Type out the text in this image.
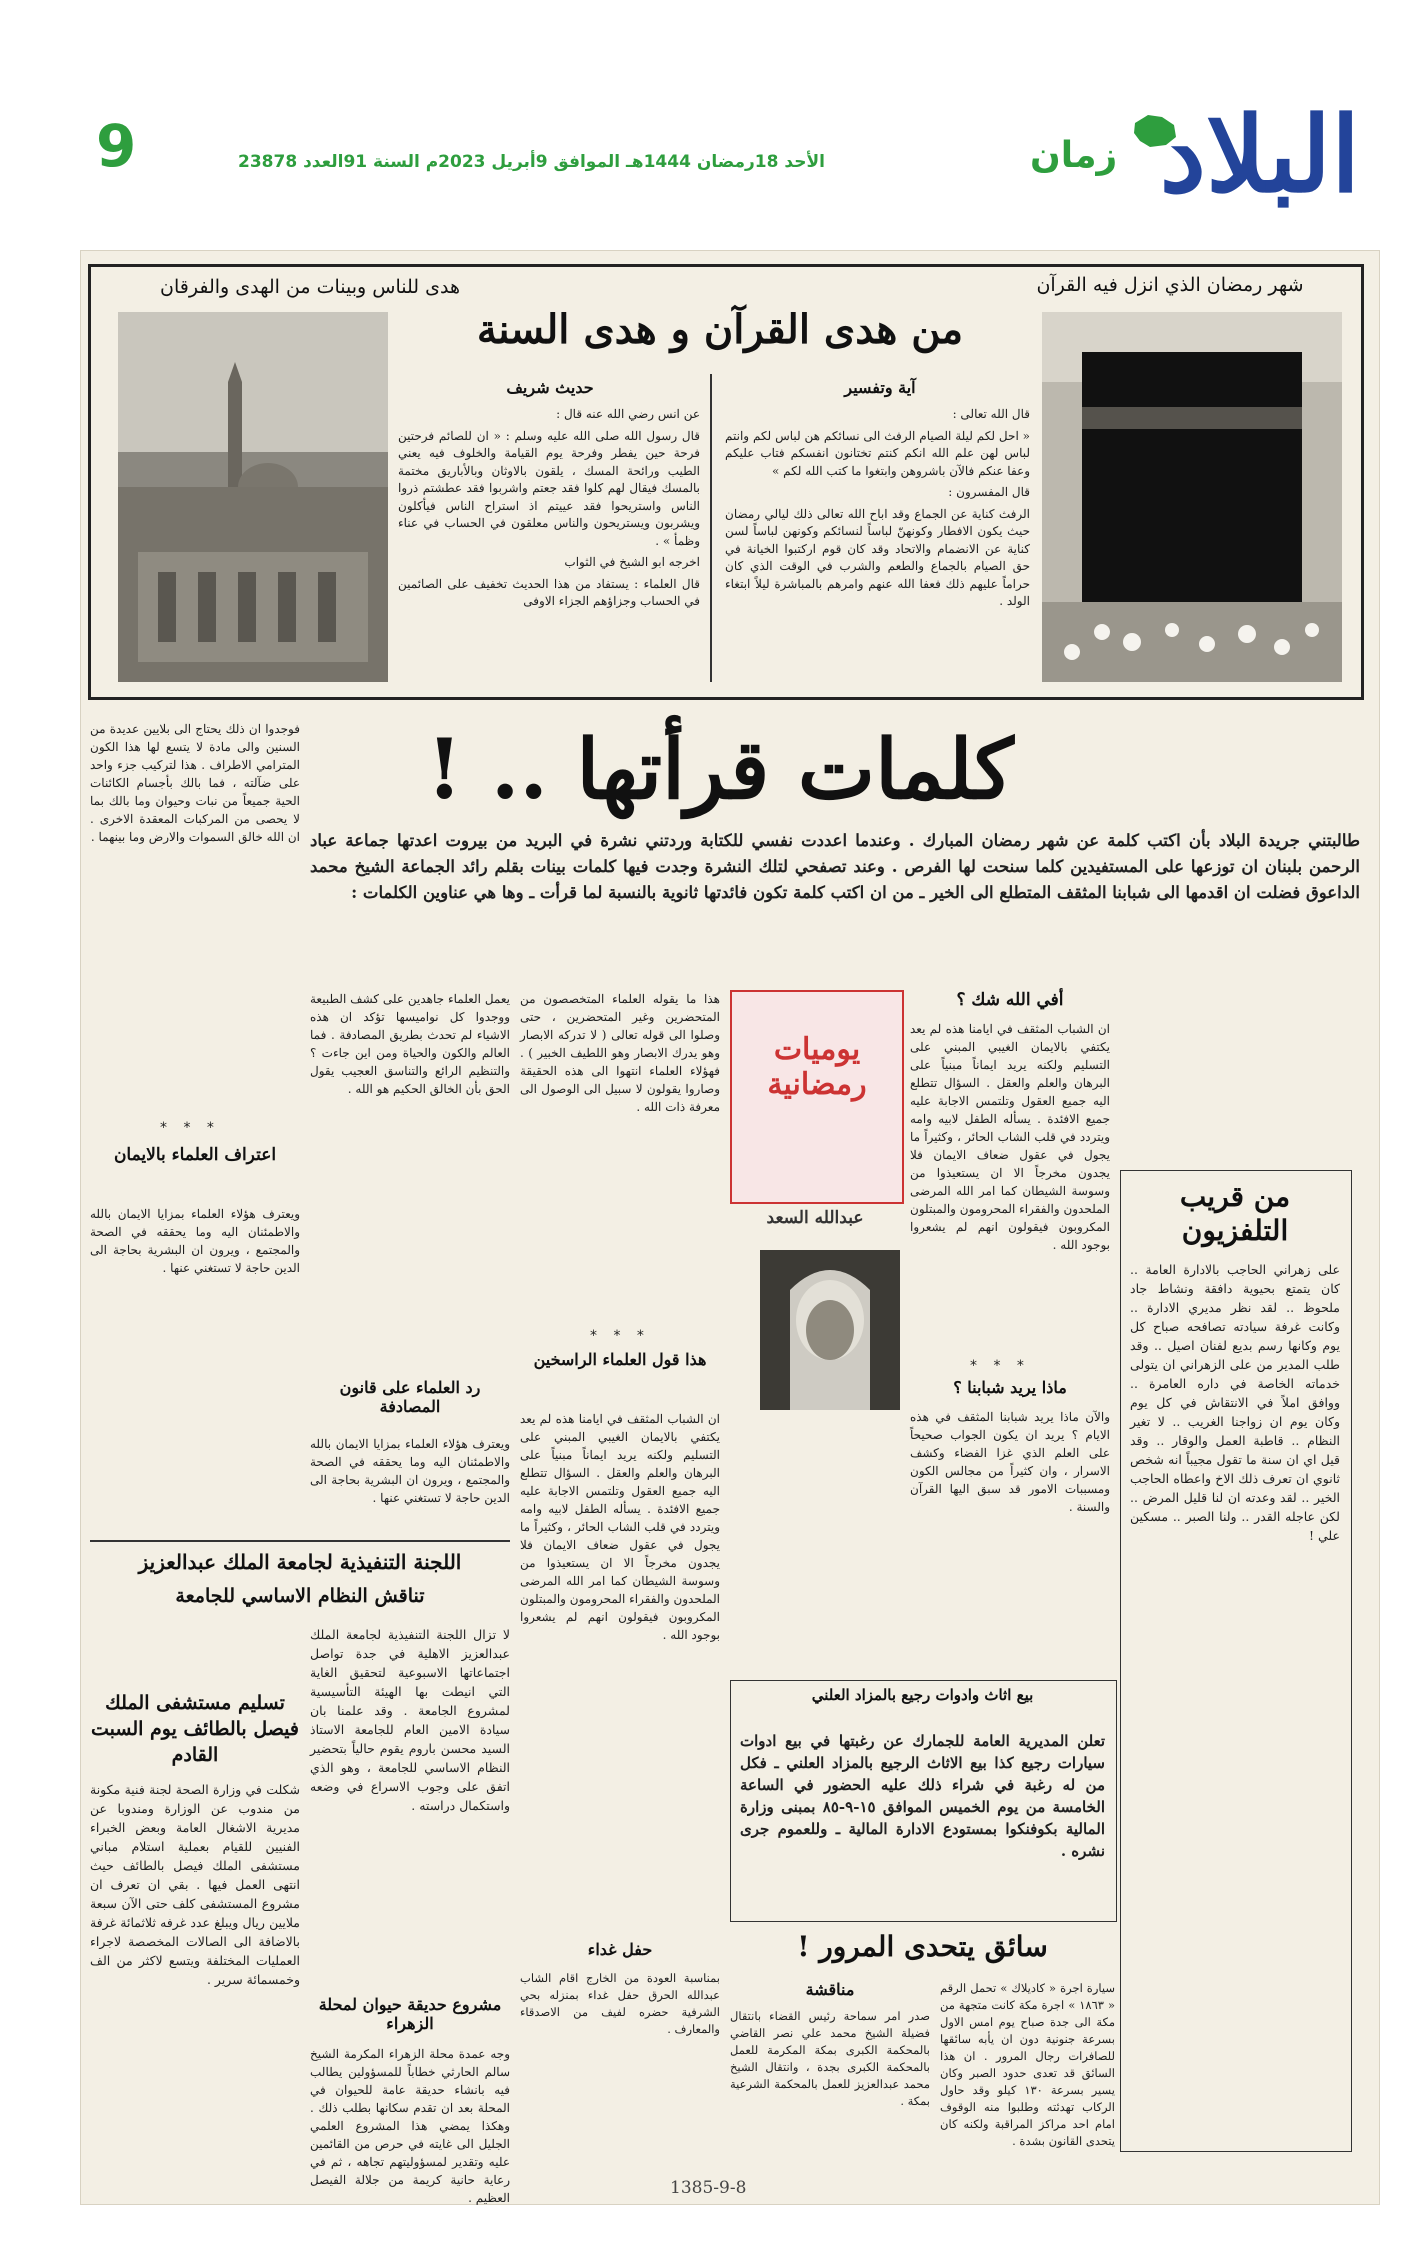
9	الأحد 18رمضان 1444هـ الموافق 9أبريل 2023م السنة 91العدد 23878	البلاد
زمان
شهر رمضان الذي انزل فيه القرآن
هدى للناس وبينات من الهدى والفرقان
من هدى القرآن و هدى السنة
آية وتفسير

قال الله تعالى :

« احل لكم ليلة الصيام الرفث الى نسائكم هن لباس لكم وانتم لباس لهن علم الله انكم كنتم تختانون انفسكم فتاب عليكم وعفا عنكم فالآن باشروهن وابتغوا ما كتب الله لكم »

قال المفسرون :

الرفث كناية عن الجماع وقد اباح الله تعالى ذلك ليالي رمضان حيث يكون الافطار وكونهنّ لباساً لنسائكم وكونهن لباساً لسن كناية عن الانضمام والاتحاد وقد كان قوم اركتبوا الخيانة في حق الصيام بالجماع والطعم والشرب في الوقت الذي كان حراماً عليهم ذلك فعفا الله عنهم وامرهم بالمباشرة ليلاً ابتغاء الولد .

حديث شريف

عن انس رضي الله عنه قال :

قال رسول الله صلى الله عليه وسلم : « ان للصائم فرحتين فرحة حين يفطر وفرحة يوم القيامة والخلوف فيه يعني الطيب ورائحة المسك ، يلقون بالاوثان وبالأباريق مختمة بالمسك فيقال لهم كلوا فقد جعتم واشربوا فقد عطشتم ذروا الناس واستريحوا فقد عييتم اذ استراح الناس فيأكلون ويشربون ويستريحون والناس معلقون في الحساب في عناء وظمأ » .

اخرجه ابو الشيخ في الثواب

قال العلماء : يستفاد من هذا الحديث تخفيف على الصائمين في الحساب وجزاؤهم الجزاء الاوفى

كلمات قرأتها .. !
طالبتني جريدة البلاد بأن اكتب كلمة عن شهر رمضان المبارك . وعندما اعددت نفسي للكتابة وردتني نشرة في البريد من بيروت اعدتها جماعة عباد الرحمن بلبنان ان توزعها على المستفيدين كلما سنحت لها الفرص . وعند تصفحي لتلك النشرة وجدت فيها كلمات بينات بقلم رائد الجماعة الشيخ محمد الداعوق فضلت ان اقدمها الى شبابنا المثقف المتطلع الى الخير ـ من ان اكتب كلمة تكون فائدتها ثانوية بالنسبة لما قرأت ـ وها هي عناوين الكلمات :
فوجدوا ان ذلك يحتاج الى بلايين عديدة من السنين والى مادة لا يتسع لها هذا الكون المترامي الاطراف . هذا لتركيب جزء واحد على ضآلته ، فما بالك بأجسام الكائنات الحية جميعاً من نبات وحيوان وما بالك بما لا يحصى من المركبات المعقدة الاخرى . ان الله خالق السموات والارض وما بينهما .
* * *
اعتراف العلماء بالايمان
ويعترف هؤلاء العلماء بمزايا الايمان بالله والاطمئنان اليه وما يحققه في الصحة والمجتمع ، ويرون ان البشرية بحاجة الى الدين حاجة لا تستغني عنها .
يعمل العلماء جاهدين على كشف الطبيعة ووجدوا كل نواميسها تؤكد ان هذه الاشياء لم تحدث بطريق المصادفة . فما العالم والكون والحياة ومن اين جاءت ؟ والتنظيم الرائع والتناسق العجيب يقول الحق بأن الخالق الحكيم هو الله .
رد العلماء على قانون المصادفة
ويعترف هؤلاء العلماء بمزايا الايمان بالله والاطمئنان اليه وما يحققه في الصحة والمجتمع ، ويرون ان البشرية بحاجة الى الدين حاجة لا تستغني عنها .
هذا ما يقوله العلماء المتخصصون من المتحضرين وغير المتحضرين ، حتى وصلوا الى قوله تعالى ( لا تدركه الابصار وهو يدرك الابصار وهو اللطيف الخبير ) . فهؤلاء العلماء انتهوا الى هذه الحقيقة وصاروا يقولون لا سبيل الى الوصول الى معرفة ذات الله .
* * *
هذا قول العلماء الراسخين
ان الشباب المثقف في ايامنا هذه لم يعد يكتفي بالايمان الغيبي المبني على التسليم ولكنه يريد ايماناً مبنياً على البرهان والعلم والعقل . السؤال تتطلع اليه جميع العقول وتلتمس الاجابة عليه جميع الافئدة . يسأله الطفل لابيه وامه ويتردد في قلب الشاب الحائر ، وكثيراً ما يجول في عقول ضعاف الايمان فلا يجدون مخرجاً الا ان يستعيذوا من وسوسة الشيطان كما امر الله المرضى الملحدون والفقراء المحرومون والمبتلون المكروبون فيقولون انهم لم يشعروا بوجود الله .
يوميات رمضانية
عبدالله السعد
أفي الله شك ؟
ان الشباب المثقف في ايامنا هذه لم يعد يكتفي بالايمان الغيبي المبني على التسليم ولكنه يريد ايماناً مبنياً على البرهان والعلم والعقل . السؤال تتطلع اليه جميع العقول وتلتمس الاجابة عليه جميع الافئدة . يسأله الطفل لابيه وامه ويتردد في قلب الشاب الحائر ، وكثيراً ما يجول في عقول ضعاف الايمان فلا يجدون مخرجاً الا ان يستعيذوا من وسوسة الشيطان كما امر الله المرضى الملحدون والفقراء المحرومون والمبتلون المكروبون فيقولون انهم لم يشعروا بوجود الله .
* * *
ماذا يريد شبابنا ؟
والآن ماذا يريد شبابنا المثقف في هذه الايام ؟ يريد ان يكون الجواب صحيحاً على العلم الذي غزا الفضاء وكشف الاسرار ، وان كثيراً من مجالس الكون ومسببات الامور قد سبق اليها القرآن والسنة .
من قريب التلفزيون
على زهراني الحاجب بالادارة العامة .. كان يتمتع بحيوية دافقة ونشاط جاد ملحوظ .. لقد نظر مديري الادارة .. وكانت غرفة سيادته تصافحه صباح كل يوم وكانها رسم بديع لفنان اصيل .. وقد طلب المدير من على الزهراني ان يتولى خدماته الخاصة في داره العامرة .. ووافق املاً في الانتقاش في كل يوم وكان يوم ان زواجنا الغريب .. لا تغير النظام .. قاطبة العمل والوقار .. وقد قيل اي ان سنة ما تقول مجيباً انه شخص ثانوي ان تعرف ذلك الاخ واعطاه الحاجب الخير .. لقد وعدته ان لنا قليل المرض .. لكن عاجله القدر .. ولنا الصبر .. مسكين علي !
اللجنة التنفيذية لجامعة الملك عبدالعزيز
تناقش النظام الاساسي للجامعة
لا تزال اللجنة التنفيذية لجامعة الملك عبدالعزيز الاهلية في جدة تواصل اجتماعاتها الاسبوعية لتحقيق الغاية التي انيطت بها الهيئة التأسيسية لمشروع الجامعة . وقد علمنا بان سيادة الامين العام للجامعة الاستاذ السيد محسن باروم يقوم حالياً بتحضير النظام الاساسي للجامعة ، وهو الذي اتفق على وجوب الاسراع في وضعه واستكمال دراسته .
تسليم مستشفى الملك فيصل بالطائف يوم السبت القادم
شكلت في وزارة الصحة لجنة فنية مكونة من مندوب عن الوزارة ومندوبا عن مديرية الاشغال العامة وبعض الخبراء الفنيين للقيام بعملية استلام مباني مستشفى الملك فيصل بالطائف حيث انتهى العمل فيها . بقي ان تعرف ان مشروع المستشفى كلف حتى الآن سبعة ملايين ريال ويبلغ عدد غرفه ثلاثمائة غرفة بالاضافة الى الصالات المخصصة لاجراء العمليات المختلفة ويتسع لاكثر من الف وخمسمائة سرير .
مشروع حديقة حيوان لمحلة الزهراء
وجه عمدة محلة الزهراء المكرمة الشيخ سالم الحارثي خطاباً للمسؤولين يطالب فيه بانشاء حديقة عامة للحيوان في المحلة بعد ان تقدم سكانها بطلب ذلك . وهكذا يمضي هذا المشروع العلمي الجليل الى غايته في حرص من القائمين عليه وتقدير لمسؤوليتهم تجاهه ، ثم في رعاية حانية كريمة من جلالة الفيصل العظيم .
بيع اثاث وادوات رجيع بالمزاد العلني
تعلن المديرية العامة للجمارك عن رغبتها في بيع ادوات سيارات رجيع كذا بيع الاثاث الرجيع بالمزاد العلني ـ فكل من له رغبة في شراء ذلك عليه الحضور في الساعة الخامسة من يوم الخميس الموافق ١٥-٩-٨٥ بمبنى وزارة المالية بكوفنكوا بمستودع الادارة المالية ـ وللعموم جرى نشره .
سائق يتحدى المرور !
سيارة اجرة « كاديلاك » تحمل الرقم « ١٨٦٣ » اجرة مكة كانت متجهة من مكة الى جدة صباح يوم امس الاول بسرعة جنونية دون ان يأبه سائقها للصافرات رجال المرور . ان هذا السائق قد تعدى حدود الصبر وكان يسير بسرعة ١٣٠ كيلو وقد حاول الركاب تهدئته وطلبوا منه الوقوف امام احد مراكز المراقبة ولكنه كان يتحدى القانون بشدة .
مناقشة
صدر امر سماحة رئيس القضاء بانتقال فضيلة الشيخ محمد علي نصر القاضي بالمحكمة الكبرى بمكة المكرمة للعمل بالمحكمة الكبرى بجدة ، وانتقال الشيخ محمد عبدالعزيز للعمل بالمحكمة الشرعية بمكة .
حفل غداء
بمناسبة العودة من الخارج اقام الشاب عبدالله الحرق حفل غداء بمنزله بحي الشرفية حضره لفيف من الاصدقاء والمعارف .
1385-9-8
